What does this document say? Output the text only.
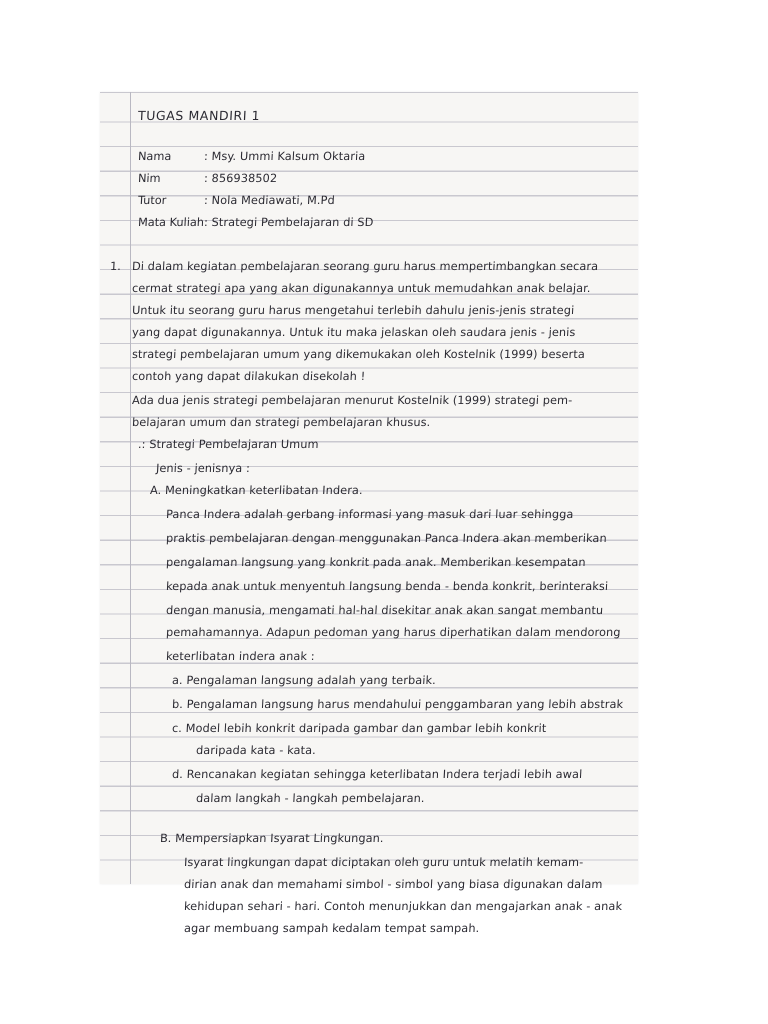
TUGAS MANDIRI 1
Nama	: Msy. Ummi Kalsum Oktaria
Nim	: 856938502
Tutor	: Nola Mediawati, M.Pd
Mata Kuliah : Strategi Pembelajaran di SD
1. Di dalam kegiatan pembelajaran seorang guru harus mempertimbangkan secara
cermat strategi apa yang akan digunakannya untuk memudahkan anak belajar.
Untuk itu seorang guru harus mengetahui terlebih dahulu jenis-jenis strategi
yang dapat digunakannya. Untuk itu maka jelaskan oleh saudara jenis - jenis
strategi pembelajaran umum yang dikemukakan oleh Kostelnik (1999) beserta
contoh yang dapat dilakukan disekolah !
Ada dua jenis strategi pembelajaran menurut Kostelnik (1999) strategi pem-
belajaran umum dan strategi pembelajaran khusus.
.: Strategi Pembelajaran Umum
Jenis - jenisnya :
A. Meningkatkan keterlibatan Indera.
Panca Indera adalah gerbang informasi yang masuk dari luar sehingga
praktis pembelajaran dengan menggunakan Panca Indera akan memberikan
pengalaman langsung yang konkrit pada anak. Memberikan kesempatan
kepada anak untuk menyentuh langsung benda - benda konkrit, berinteraksi
dengan manusia, mengamati hal-hal disekitar anak akan sangat membantu
pemahamannya. Adapun pedoman yang harus diperhatikan dalam mendorong
keterlibatan indera anak :
a. Pengalaman langsung adalah yang terbaik.
b. Pengalaman langsung harus mendahului penggambaran yang lebih abstrak
c. Model lebih konkrit daripada gambar dan gambar lebih konkrit
daripada kata - kata.
d. Rencanakan kegiatan sehingga keterlibatan Indera terjadi lebih awal
dalam langkah - langkah pembelajaran.
B. Mempersiapkan Isyarat Lingkungan.
Isyarat lingkungan dapat diciptakan oleh guru untuk melatih kemam-
dirian anak dan memahami simbol - simbol yang biasa digunakan dalam
kehidupan sehari - hari. Contoh menunjukkan dan mengajarkan anak - anak
agar membuang sampah kedalam tempat sampah.
